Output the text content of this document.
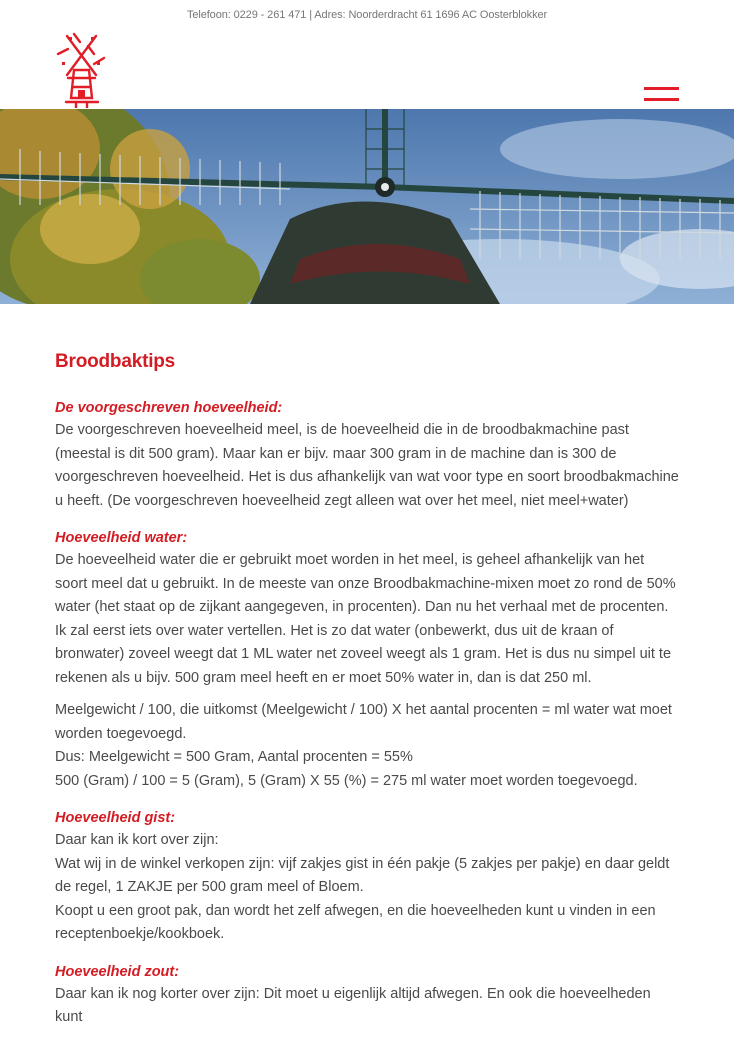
Telefoon: 0229 - 261 471 | Adres: Noorderdracht 61 1696 AC Oosterblokker
Broodbaktips
De voorgeschreven hoeveelheid:

De voorgeschreven hoeveelheid meel, is de hoeveelheid die in de broodbakmachine past (meestal is dit 500 gram). Maar kan er bijv. maar 300 gram in de machine dan is 300 de voorgeschreven hoeveelheid. Het is dus afhankelijk van wat voor type en soort broodbakmachine u heeft. (De voorgeschreven hoeveelheid zegt alleen wat over het meel, niet meel+water)

Hoeveelheid water:

De hoeveelheid water die er gebruikt moet worden in het meel, is geheel afhankelijk van het soort meel dat u gebruikt. In de meeste van onze Broodbakmachine-mixen moet zo rond de 50% water (het staat op de zijkant aangegeven, in procenten). Dan nu het verhaal met de procenten. Ik zal eerst iets over water vertellen. Het is zo dat water (onbewerkt, dus uit de kraan of bronwater) zoveel weegt dat 1 ML water net zoveel weegt als 1 gram. Het is dus nu simpel uit te rekenen als u bijv. 500 gram meel heeft en er moet 50% water in, dan is dat 250 ml.

Meelgewicht / 100, die uitkomst (Meelgewicht / 100) X het aantal procenten = ml water wat moet worden toegevoegd.

Dus: Meelgewicht = 500 Gram, Aantal procenten = 55%

500 (Gram) / 100 = 5 (Gram), 5 (Gram) X 55 (%) = 275 ml water moet worden toegevoegd.

Hoeveelheid gist:

Daar kan ik kort over zijn:

Wat wij in de winkel verkopen zijn: vijf zakjes gist in één pakje (5 zakjes per pakje) en daar geldt de regel, 1 ZAKJE per 500 gram meel of Bloem.

Koopt u een groot pak, dan wordt het zelf afwegen, en die hoeveelheden kunt u vinden in een receptenboekje/kookboek.

Hoeveelheid zout:

Daar kan ik nog korter over zijn: Dit moet u eigenlijk altijd afwegen. En ook die hoeveelheden kunt
